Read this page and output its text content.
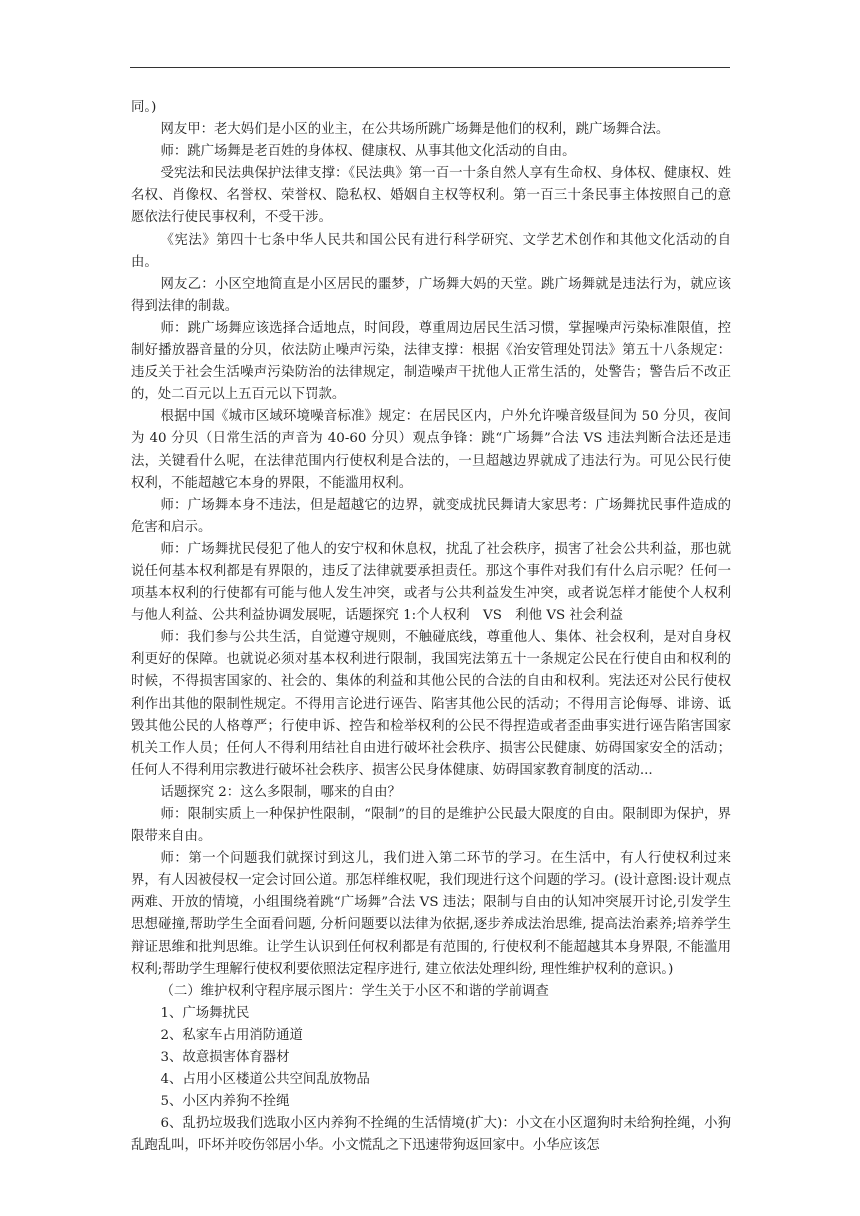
同。)

网友甲：老大妈们是小区的业主，在公共场所跳广场舞是他们的权利，跳广场舞合法。

师：跳广场舞是老百姓的身体权、健康权、从事其他文化活动的自由。

受宪法和民法典保护法律支撑：《民法典》第一百一十条自然人享有生命权、身体权、健康权、姓名权、肖像权、名誉权、荣誉权、隐私权、婚姻自主权等权利。第一百三十条民事主体按照自己的意愿依法行使民事权利，不受干涉。

《宪法》第四十七条中华人民共和国公民有进行科学研究、文学艺术创作和其他文化活动的自由。

网友乙：小区空地简直是小区居民的噩梦，广场舞大妈的天堂。跳广场舞就是违法行为，就应该得到法律的制裁。

师：跳广场舞应该选择合适地点，时间段，尊重周边居民生活习惯，掌握噪声污染标准限值，控制好播放器音量的分贝，依法防止噪声污染，法律支撑：根据《治安管理处罚法》第五十八条规定：违反关于社会生活噪声污染防治的法律规定，制造噪声干扰他人正常生活的，处警告；警告后不改正的，处二百元以上五百元以下罚款。

根据中国《城市区域环境噪音标准》规定：在居民区内，户外允许噪音级昼间为 50 分贝，夜间为 40 分贝（日常生活的声音为 40-60 分贝）观点争锋：跳“广场舞”合法 VS 违法判断合法还是违法，关键看什么呢，在法律范围内行使权利是合法的，一旦超越边界就成了违法行为。可见公民行使权利，不能超越它本身的界限，不能滥用权利。

师：广场舞本身不违法，但是超越它的边界，就变成扰民舞请大家思考：广场舞扰民事件造成的危害和启示。

师：广场舞扰民侵犯了他人的安宁权和休息权，扰乱了社会秩序，损害了社会公共利益，那也就说任何基本权利都是有界限的，违反了法律就要承担责任。那这个事件对我们有什么启示呢？任何一项基本权利的行使都有可能与他人发生冲突，或者与公共利益发生冲突，或者说怎样才能使个人权利与他人利益、公共利益协调发展呢，话题探究 1:个人权利　VS　利他 VS 社会利益

师：我们参与公共生活，自觉遵守规则，不触碰底线，尊重他人、集体、社会权利，是对自身权利更好的保障。也就说必须对基本权利进行限制，我国宪法第五十一条规定公民在行使自由和权利的时候，不得损害国家的、社会的、集体的利益和其他公民的合法的自由和权利。宪法还对公民行使权利作出其他的限制性规定。不得用言论进行诬告、陷害其他公民的活动；不得用言论侮辱、诽谤、诋毁其他公民的人格尊严；行使申诉、控告和检举权利的公民不得捏造或者歪曲事实进行诬告陷害国家机关工作人员；任何人不得利用结社自由进行破坏社会秩序、损害公民健康、妨碍国家安全的活动；任何人不得利用宗教进行破坏社会秩序、损害公民身体健康、妨碍国家教育制度的活动...

话题探究 2：这么多限制，哪来的自由？

师：限制实质上一种保护性限制，“限制”的目的是维护公民最大限度的自由。限制即为保护，界限带来自由。

师：第一个问题我们就探讨到这儿，我们进入第二环节的学习。在生活中，有人行使权利过来界，有人因被侵权一定会讨回公道。那怎样维权呢，我们现进行这个问题的学习。(设计意图:设计观点两难、开放的情境，小组围绕着跳“广场舞”合法 VS 违法；限制与自由的认知冲突展开讨论,引发学生思想碰撞,帮助学生全面看问题, 分析问题要以法律为依据,逐步养成法治思维, 提高法治素养;培养学生辩证思维和批判思维。让学生认识到任何权利都是有范围的, 行使权利不能超越其本身界限, 不能滥用权利;帮助学生理解行使权利要依照法定程序进行, 建立依法处理纠纷, 理性维护权利的意识。)

（二）维护权利守程序展示图片：学生关于小区不和谐的学前调查

1、广场舞扰民

2、私家车占用消防通道

3、故意损害体育器材

4、占用小区楼道公共空间乱放物品

5、小区内养狗不拴绳

6、乱扔垃圾我们选取小区内养狗不拴绳的生活情境(扩大)：小文在小区遛狗时未给狗拴绳，小狗乱跑乱叫，吓坏并咬伤邻居小华。小文慌乱之下迅速带狗返回家中。小华应该怎
